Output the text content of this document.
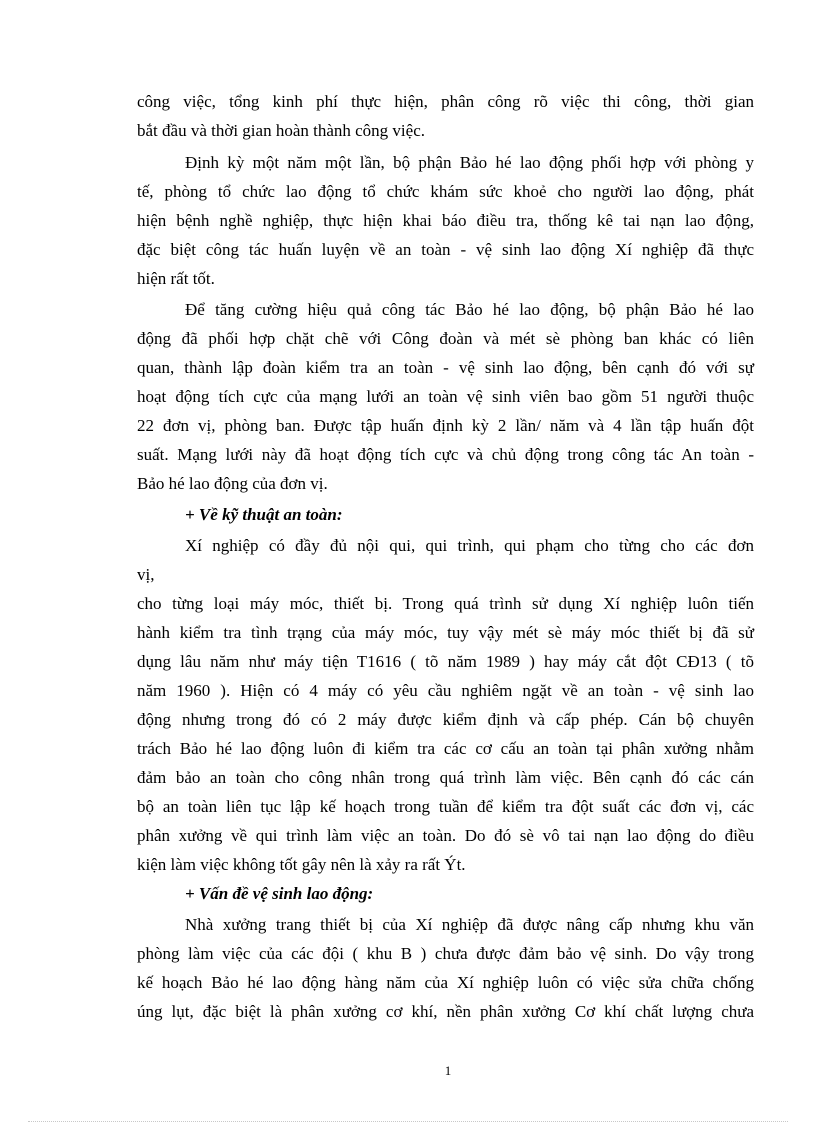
công việc, tổng kinh phí thực hiện, phân công rõ việc thi công, thời gian
bắt đầu và thời gian hoàn thành công việc.
Định kỳ một năm một lần, bộ phận Bảo hé lao động phối hợp với phòng y
tế, phòng tổ chức lao động tổ chức khám sức khoẻ cho người lao động, phát
hiện bệnh nghề nghiệp, thực hiện khai báo điều tra, thống kê tai nạn lao động,
đặc biệt công tác huấn luyện về an toàn - vệ sinh lao động Xí nghiệp đã thực
hiện rất tốt.
Để tăng cường hiệu quả công tác Bảo hé lao động, bộ phận Bảo hé lao
động đã phối hợp chặt chẽ với Công đoàn và mét sè phòng ban khác có liên
quan, thành lập đoàn kiểm tra an toàn - vệ sinh lao động, bên cạnh đó với sự
hoạt động tích cực của mạng lưới an toàn vệ sinh viên bao gồm 51 người thuộc
22 đơn vị, phòng ban. Được tập huấn định kỳ 2 lần/ năm và 4 lần tập huấn đột
suất. Mạng lưới này đã hoạt động tích cực và chủ động trong công tác An toàn -
Bảo hé lao động của đơn vị.
+ Về kỹ thuật an toàn:
Xí nghiệp có đầy đủ nội qui, qui trình, qui phạm cho từng cho các đơn
vị,
cho từng loại máy móc, thiết bị. Trong quá trình sử dụng Xí nghiệp luôn tiến
hành kiểm tra tình trạng của máy móc, tuy vậy mét sè máy móc thiết bị đã sử
dụng lâu năm như máy tiện T1616 ( tõ năm 1989 ) hay máy cắt đột CĐ13 ( tõ
năm 1960 ). Hiện có 4 máy có yêu cầu nghiêm ngặt về an toàn - vệ sinh lao
động nhưng trong đó có 2 máy được kiểm định và cấp phép. Cán bộ chuyên
trách Bảo hé lao động luôn đi kiểm tra các cơ cấu an toàn tại phân xưởng nhằm
đảm bảo an toàn cho công nhân trong quá trình làm việc. Bên cạnh đó các cán
bộ an toàn liên tục lập kế hoạch trong tuần để kiểm tra đột suất các đơn vị, các
phân xưởng về qui trình làm việc an toàn. Do đó sè vô tai nạn lao động do điều
kiện làm việc không tốt gây nên là xảy ra rất Ýt.
+ Vấn đề vệ sinh lao động:
Nhà xưởng trang thiết bị của Xí nghiệp đã được nâng cấp nhưng khu văn
phòng làm việc của các đội ( khu B ) chưa được đảm bảo vệ sinh. Do vậy trong
kế hoạch Bảo hé lao động hàng năm của Xí nghiệp luôn có việc sửa chữa chống
úng lụt, đặc biệt là phân xưởng cơ khí, nền phân xưởng Cơ khí chất lượng chưa
1
